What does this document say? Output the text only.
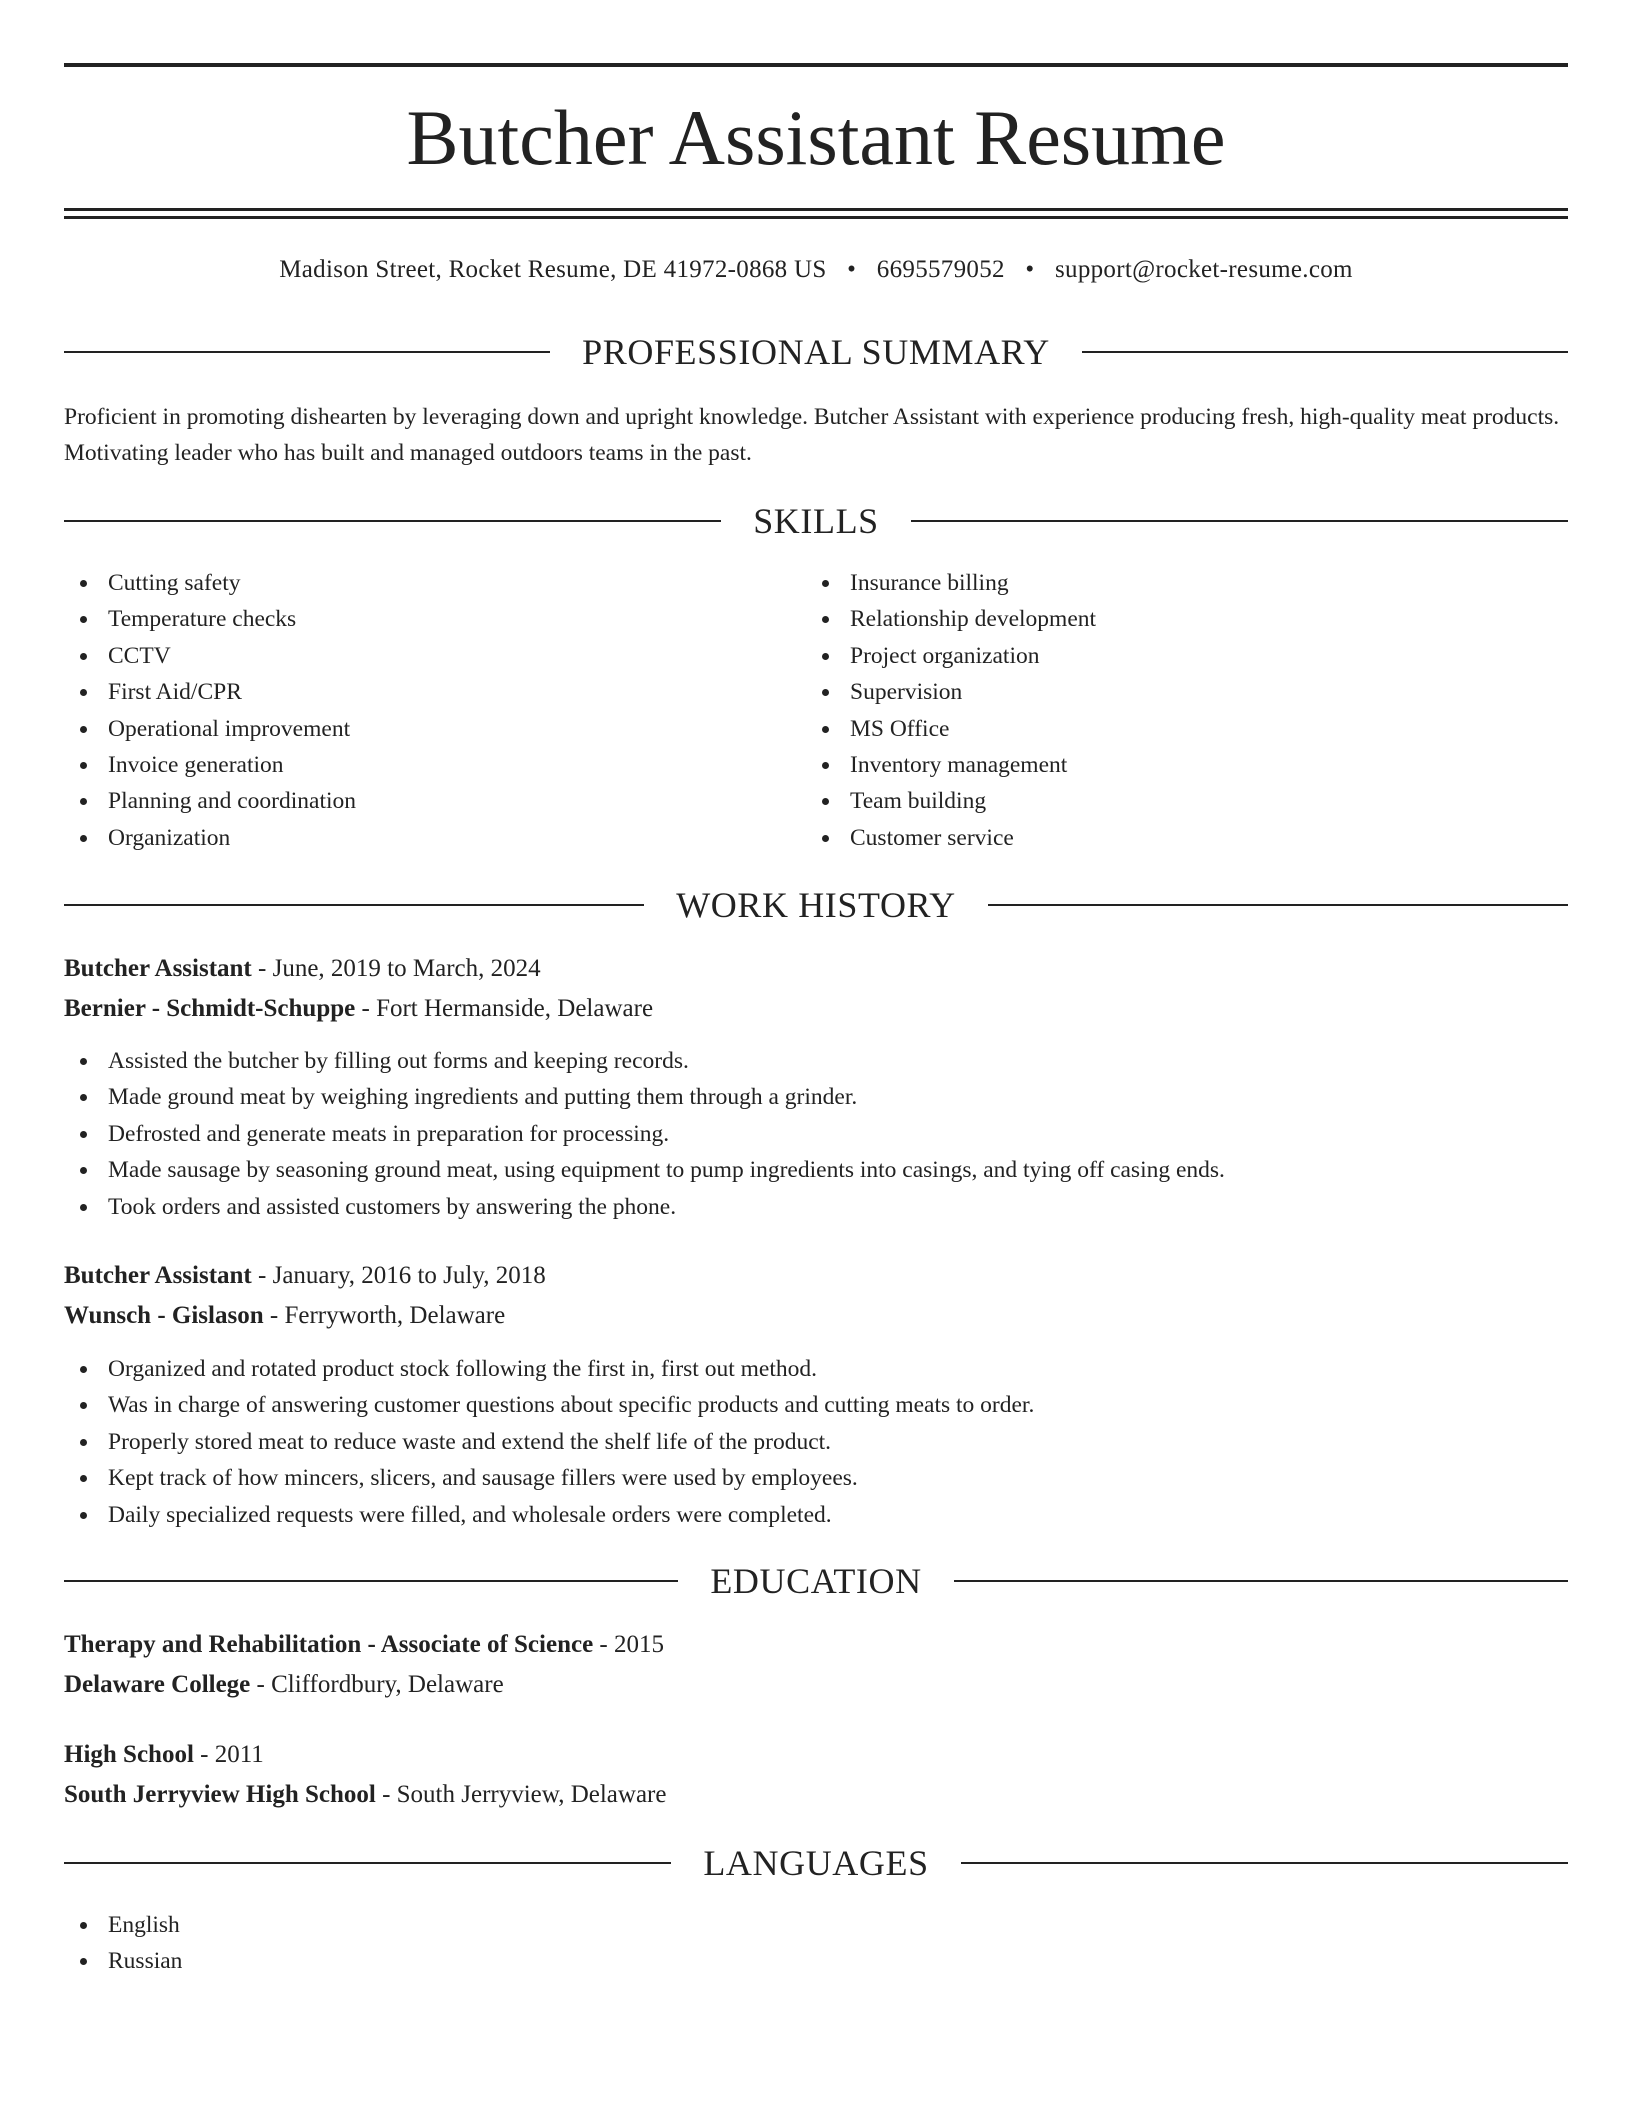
Butcher Assistant Resume
Madison Street, Rocket Resume, DE 41972-0868 US • 6695579052 • support@rocket-resume.com
PROFESSIONAL SUMMARY

Proficient in promoting dishearten by leveraging down and upright knowledge. Butcher Assistant with experience producing fresh, high-quality meat products. Motivating leader who has built and managed outdoors teams in the past.

SKILLS
Cutting safety
Temperature checks
CCTV
First Aid/CPR
Operational improvement
Invoice generation
Planning and coordination
Organization
Insurance billing
Relationship development
Project organization
Supervision
MS Office
Inventory management
Team building
Customer service
WORK HISTORY
Butcher Assistant - June, 2019 to March, 2024
Bernier - Schmidt-Schuppe - Fort Hermanside, Delaware
Assisted the butcher by filling out forms and keeping records.
Made ground meat by weighing ingredients and putting them through a grinder.
Defrosted and generate meats in preparation for processing.
Made sausage by seasoning ground meat, using equipment to pump ingredients into casings, and tying off casing ends.
Took orders and assisted customers by answering the phone.
Butcher Assistant - January, 2016 to July, 2018
Wunsch - Gislason - Ferryworth, Delaware
Organized and rotated product stock following the first in, first out method.
Was in charge of answering customer questions about specific products and cutting meats to order.
Properly stored meat to reduce waste and extend the shelf life of the product.
Kept track of how mincers, slicers, and sausage fillers were used by employees.
Daily specialized requests were filled, and wholesale orders were completed.
EDUCATION
Therapy and Rehabilitation - Associate of Science - 2015
Delaware College - Cliffordbury, Delaware
High School - 2011
South Jerryview High School - South Jerryview, Delaware
LANGUAGES
English
Russian
